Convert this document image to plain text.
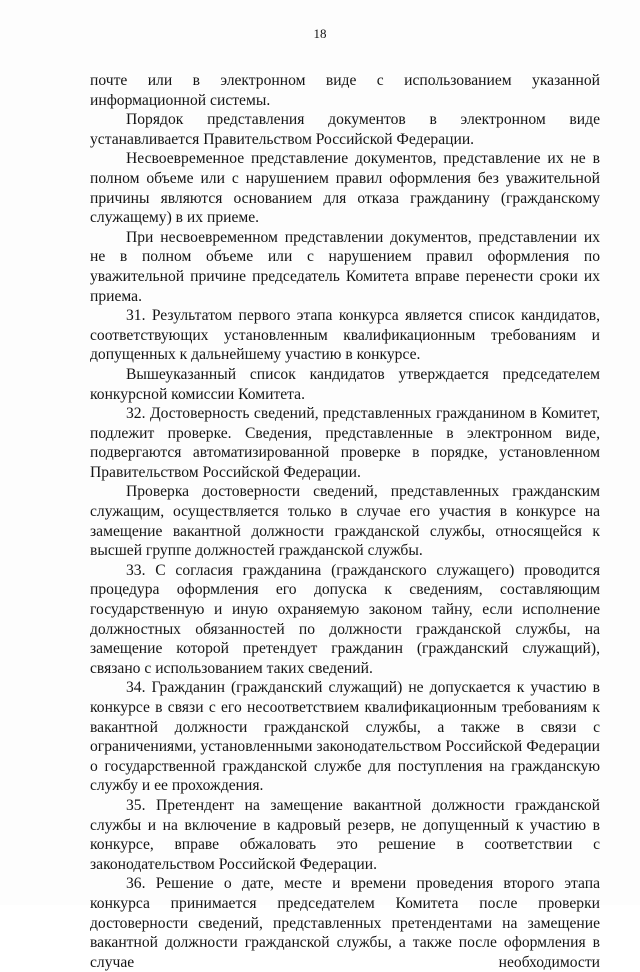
18

почте или в электронном виде с использованием указанной информационной системы.

Порядок представления документов в электронном виде устанавливается Правительством Российской Федерации.

Несвоевременное представление документов, представление их не в полном объеме или с нарушением правил оформления без уважительной причины являются основанием для отказа гражданину (гражданскому служащему) в их приеме.

При несвоевременном представлении документов, представлении их не в полном объеме или с нарушением правил оформления по уважительной причине председатель Комитета вправе перенести сроки их приема.

31. Результатом первого этапа конкурса является список кандидатов, соответствующих установленным квалификационным требованиям и допущенных к дальнейшему участию в конкурсе.

Вышеуказанный список кандидатов утверждается председателем конкурсной комиссии Комитета.

32. Достоверность сведений, представленных гражданином в Комитет, подлежит проверке. Сведения, представленные в электронном виде, подвергаются автоматизированной проверке в порядке, установленном Правительством Российской Федерации.

Проверка достоверности сведений, представленных гражданским служащим, осуществляется только в случае его участия в конкурсе на замещение вакантной должности гражданской службы, относящейся к высшей группе должностей гражданской службы.

33. С согласия гражданина (гражданского служащего) проводится процедура оформления его допуска к сведениям, составляющим государственную и иную охраняемую законом тайну, если исполнение должностных обязанностей по должности гражданской службы, на замещение которой претендует гражданин (гражданский служащий), связано с использованием таких сведений.

34. Гражданин (гражданский служащий) не допускается к участию в конкурсе в связи с его несоответствием квалификационным требованиям к вакантной должности гражданской службы, а также в связи с ограничениями, установленными законодательством Российской Федерации о государственной гражданской службе для поступления на гражданскую службу и ее прохождения.

35. Претендент на замещение вакантной должности гражданской службы и на включение в кадровый резерв, не допущенный к участию в конкурсе, вправе обжаловать это решение в соответствии с законодательством Российской Федерации.

36. Решение о дате, месте и времени проведения второго этапа конкурса принимается председателем Комитета после проверки достоверности сведений, представленных претендентами на замещение вакантной должности гражданской службы, а также после оформления в случае необходимости
